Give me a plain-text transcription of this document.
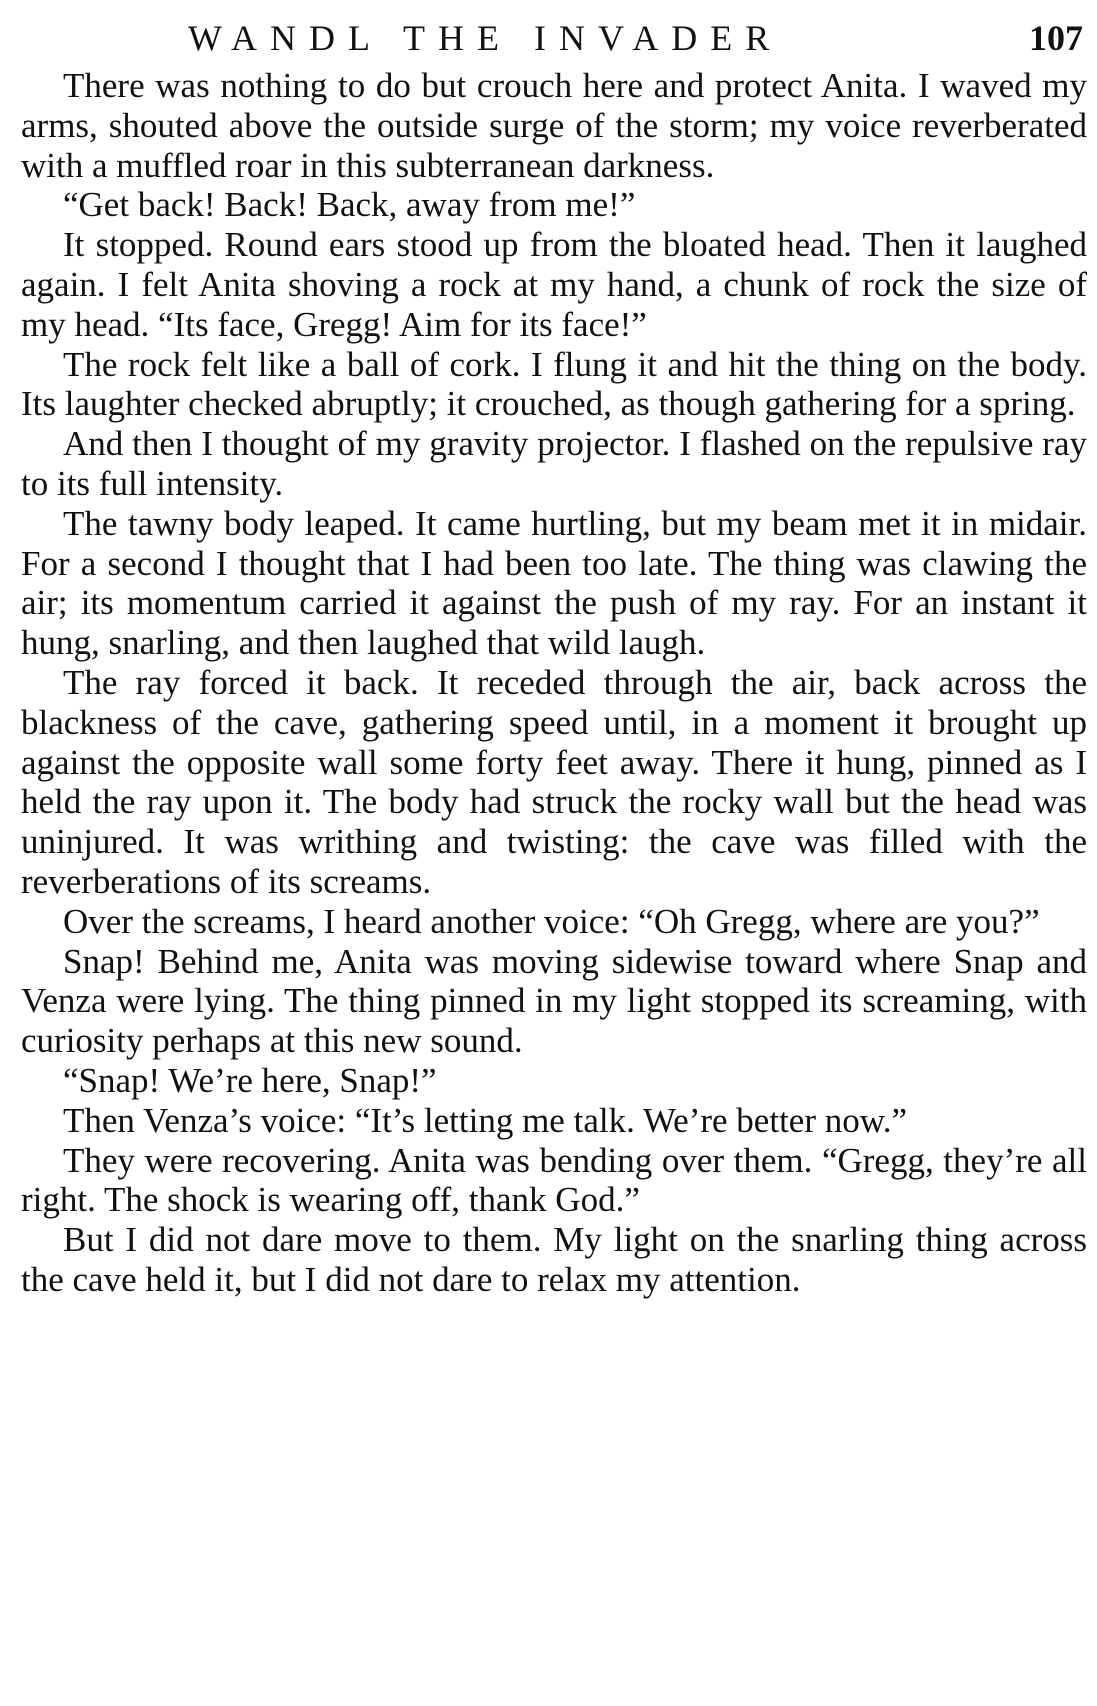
WANDL THE INVADER	107

There was nothing to do but crouch here and protect Anita. I waved my arms, shouted above the outside surge of the storm; my voice reverberated with a muffled roar in this subterranean darkness.

“Get back! Back! Back, away from me!”

It stopped. Round ears stood up from the bloated head. Then it laughed again. I felt Anita shoving a rock at my hand, a chunk of rock the size of my head. “Its face, Gregg! Aim for its face!”

The rock felt like a ball of cork. I flung it and hit the thing on the body. Its laughter checked abruptly; it crouched, as though gathering for a spring.

And then I thought of my gravity projector. I flashed on the repulsive ray to its full intensity.

The tawny body leaped. It came hurtling, but my beam met it in midair. For a second I thought that I had been too late. The thing was clawing the air; its momentum carried it against the push of my ray. For an instant it hung, snarling, and then laughed that wild laugh.

The ray forced it back. It receded through the air, back across the blackness of the cave, gathering speed until, in a moment it brought up against the opposite wall some forty feet away. There it hung, pinned as I held the ray upon it. The body had struck the rocky wall but the head was uninjured. It was writhing and twisting: the cave was filled with the reverberations of its screams.

Over the screams, I heard another voice: “Oh Gregg, where are you?”

Snap! Behind me, Anita was moving sidewise toward where Snap and Venza were lying. The thing pinned in my light stopped its screaming, with curiosity perhaps at this new sound.

“Snap! We’re here, Snap!”

Then Venza’s voice: “It’s letting me talk. We’re better now.”

They were recovering. Anita was bending over them. “Gregg, they’re all right. The shock is wearing off, thank God.”

But I did not dare move to them. My light on the snarling thing across the cave held it, but I did not dare to relax my attention.
